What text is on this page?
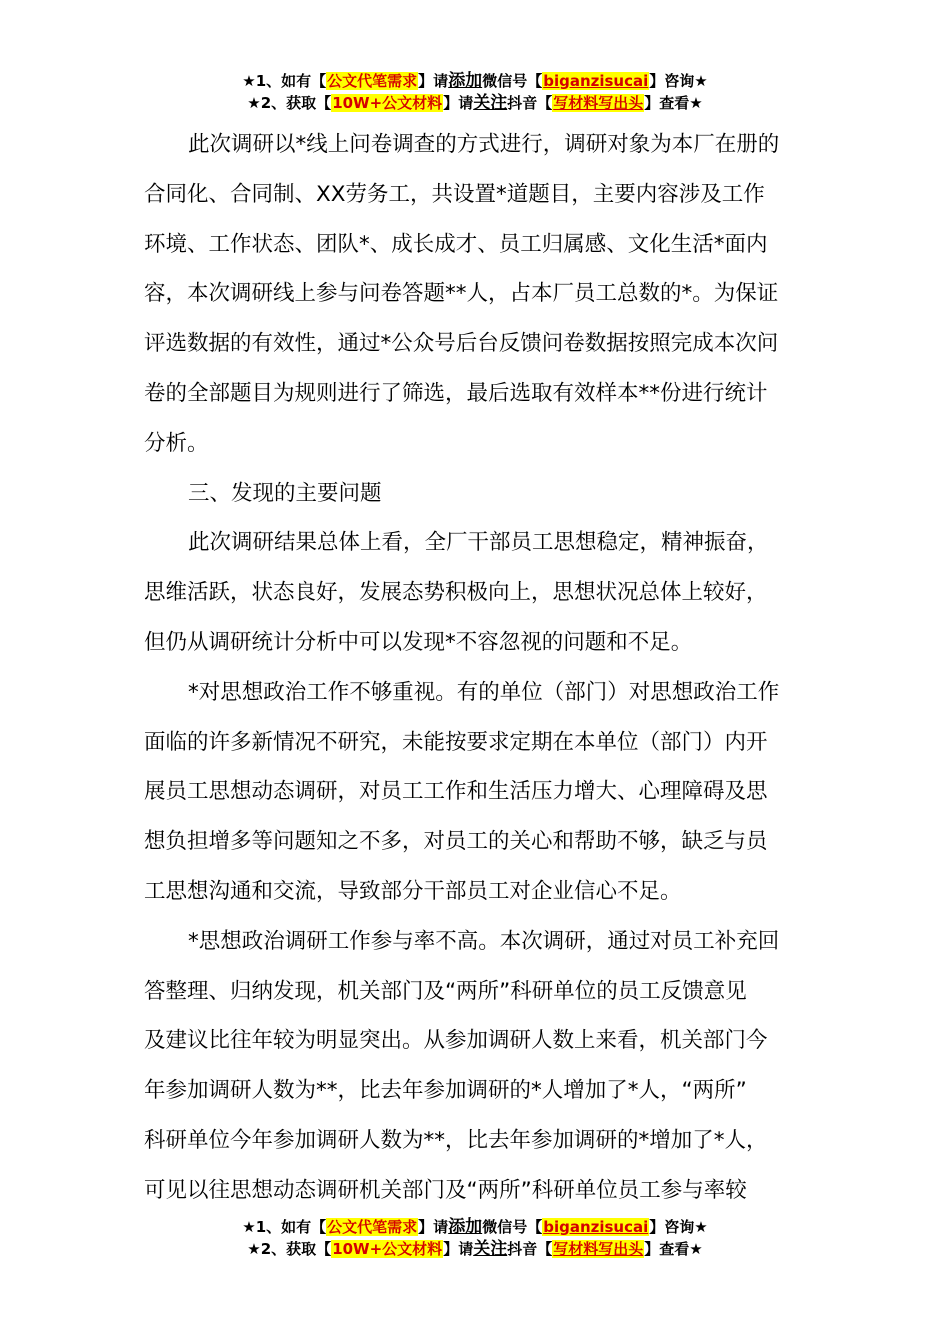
★1、如有【公文代笔需求】请添加微信号【biganzisucai】咨询★
★2、获取【10W+公文材料】请关注抖音【写材料写出头】查看★
此次调研以*线上问卷调查的方式进行，调研对象为本厂在册的
合同化、合同制、XX劳务工，共设置*道题目，主要内容涉及工作
环境、工作状态、团队*、成长成才、员工归属感、文化生活*面内
容，本次调研线上参与问卷答题**人，占本厂员工总数的*。为保证
评选数据的有效性，通过*公众号后台反馈问卷数据按照完成本次问
卷的全部题目为规则进行了筛选，最后选取有效样本**份进行统计
分析。
三、发现的主要问题
此次调研结果总体上看，全厂干部员工思想稳定，精神振奋，
思维活跃，状态良好，发展态势积极向上，思想状况总体上较好，
但仍从调研统计分析中可以发现*不容忽视的问题和不足。
*对思想政治工作不够重视。有的单位（部门）对思想政治工作
面临的许多新情况不研究，未能按要求定期在本单位（部门）内开
展员工思想动态调研，对员工工作和生活压力增大、心理障碍及思
想负担增多等问题知之不多，对员工的关心和帮助不够，缺乏与员
工思想沟通和交流，导致部分干部员工对企业信心不足。
*思想政治调研工作参与率不高。本次调研，通过对员工补充回
答整理、归纳发现，机关部门及“两所”科研单位的员工反馈意见
及建议比往年较为明显突出。从参加调研人数上来看，机关部门今
年参加调研人数为**，比去年参加调研的*人增加了*人，“两所”
科研单位今年参加调研人数为**，比去年参加调研的*增加了*人，
可见以往思想动态调研机关部门及“两所”科研单位员工参与率较
★1、如有【公文代笔需求】请添加微信号【biganzisucai】咨询★
★2、获取【10W+公文材料】请关注抖音【写材料写出头】查看★
